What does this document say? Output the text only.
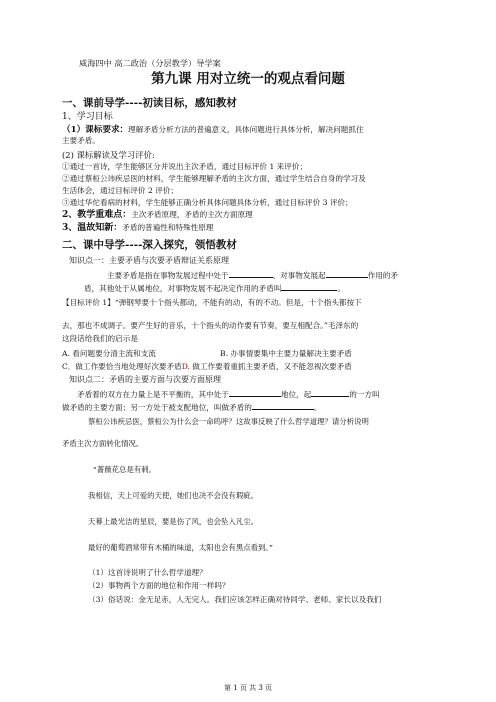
威海四中 高二政治（分层教学）导学案
第九课 用对立统一的观点看问题
一、课前导学----初读目标，感知教材
1、学习目标
（1）课标要求：理解矛盾分析方法的普遍意义，具体问题进行具体分析，解决问题抓住
主要矛盾。
(2) 课标解读及学习评价:
①通过一首诗，学生能够区分并说出主次矛盾，通过目标评价 1 来评价；
②通过蔡桓公讳疾忌医的材料，学生能够理解矛盾的主次方面，通过学生结合自身的学习及
生活体会，通过目标评价 2 评价；
③通过华佗看病的材料，学生能够正确分析具体问题具体分析，通过目标评价 3 评价；
2、教学重难点：主次矛盾原理，矛盾的主次方面原理
3、温故知新：矛盾的普遍性和特殊性原理
二、课中导学----深入探究，领悟教材
知识点一：主要矛盾与次要矛盾辩证关系原理
主要矛盾是指在事物发展过程中处于	、对事物发展起	作用的矛
盾，其他处于从属地位，对事物发展不起决定作用的矛盾叫	。
【目标评价 1】“弹钢琴要十个指头都动，不能有的动，有的不动。但是，十个指头都按下
去，那也不成调子。要产生好的音乐，十个指头的动作要有节奏，要互相配合。”毛泽东的
这段话给我们的启示是
A. 看问题要分清主流和支流	B. 办事情要集中主要力量解决主要矛盾
C．做工作要恰当地处理好次要矛盾D. 做工作要着重抓主要矛盾，又不能忽视次要矛盾
知识点二：矛盾的主要方面与次要方面原理
矛盾着的双方在力量上是不平衡的，其中处于	地位，起	的一方叫
做矛盾的主要方面；另一方处于被支配地位，叫做矛盾的	。
蔡桓公讳疾忌医，蔡桓公为什么会一命呜呼？这故事反映了什么哲学道理？请分析说明
矛盾主次方面转化情况。
“蔷薇花总是有刺。
我相信，天上可爱的天使，她们也决不会没有瑕疵。
天幕上最光洁的星辰，要是伤了风，也会坠入凡尘。
最好的葡萄酒常带有木桶的味道，太阳也会有黑点看到。”
（1）这首诗说明了什么哲学道理？
（2）事物两个方面的地位和作用一样吗？
（3）俗话说：金无足赤，人无完人。我们应该怎样正确对待同学、老师、家长以及我们
第 1 页 共 3 页
